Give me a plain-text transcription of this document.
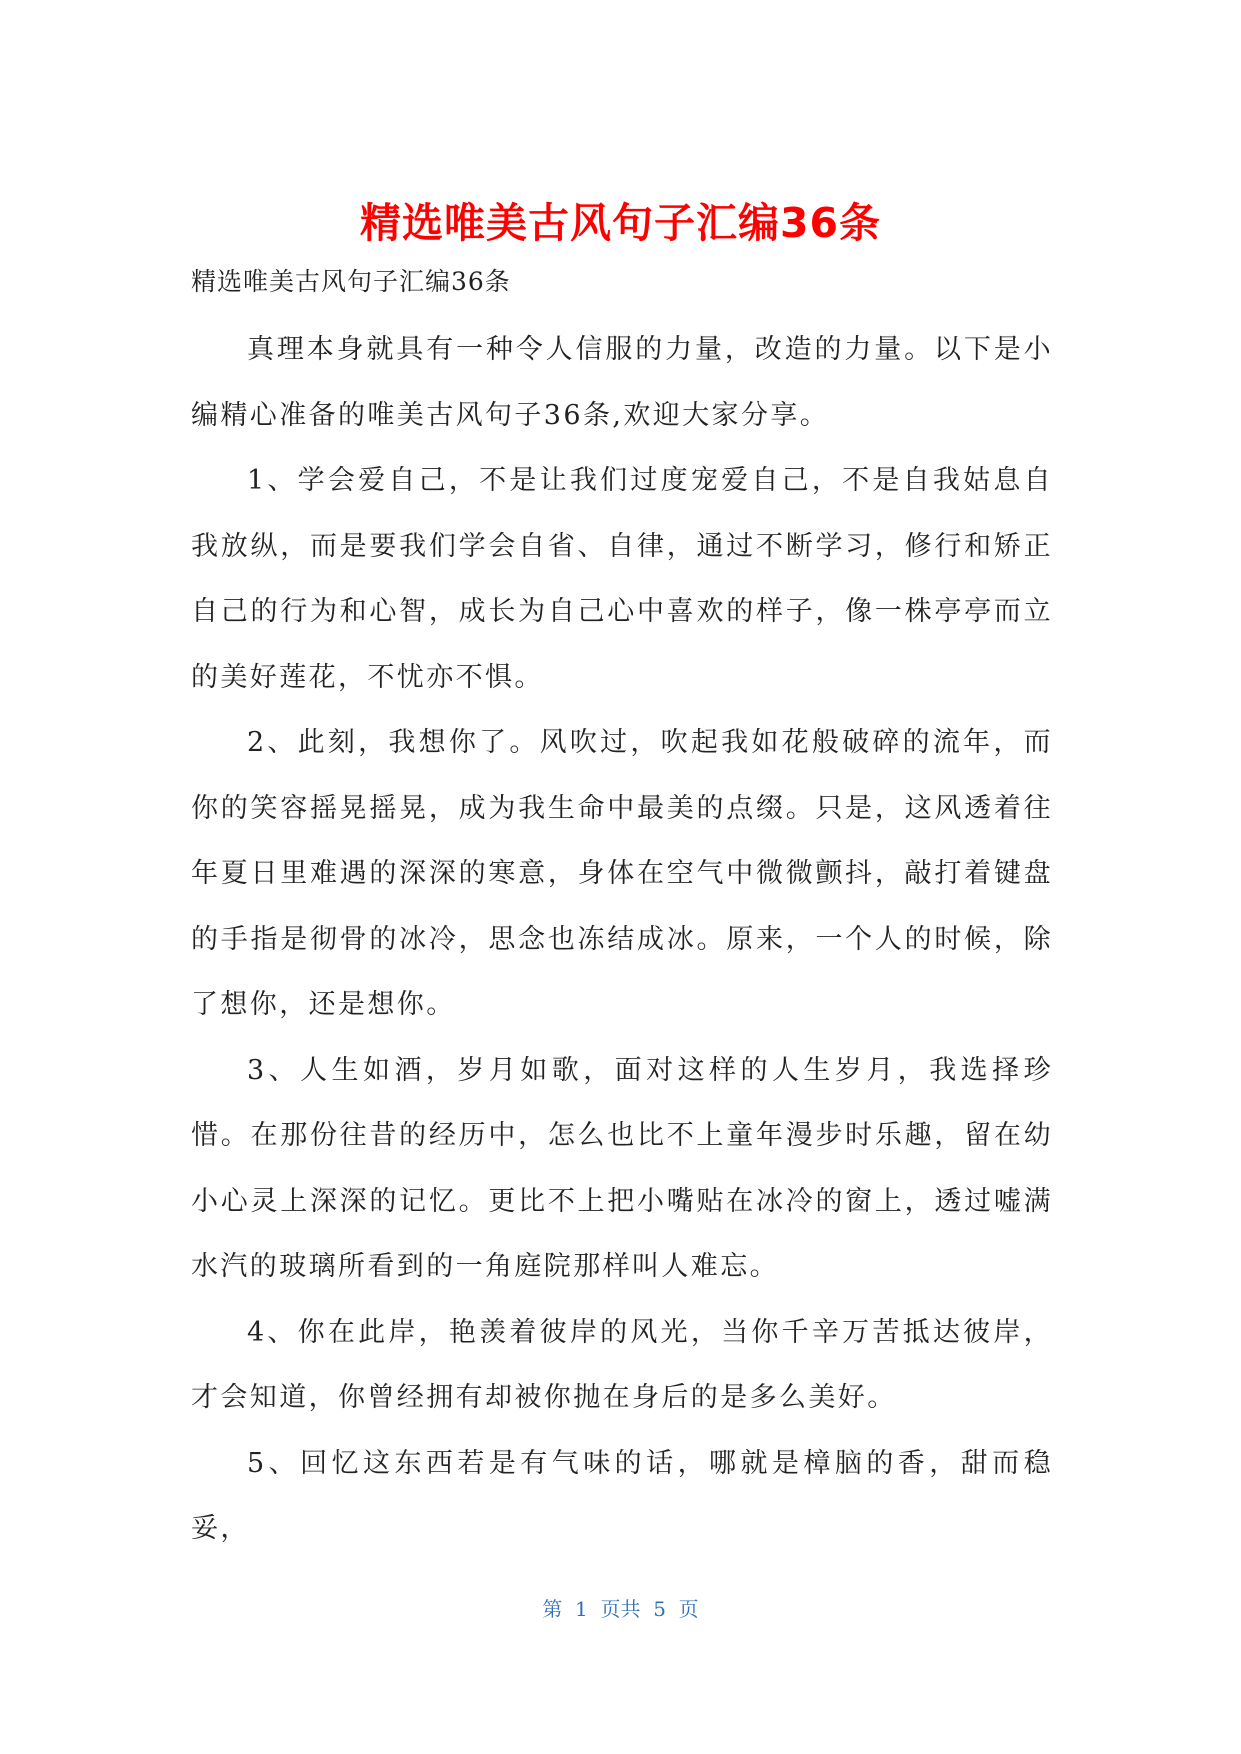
精选唯美古风句子汇编36条
精选唯美古风句子汇编36条

真理本身就具有一种令人信服的力量，改造的力量。以下是小编精心准备的唯美古风句子36条,欢迎大家分享。

1、学会爱自己，不是让我们过度宠爱自己，不是自我姑息自我放纵，而是要我们学会自省、自律，通过不断学习，修行和矫正自己的行为和心智，成长为自己心中喜欢的样子，像一株亭亭而立的美好莲花，不忧亦不惧。

2、此刻，我想你了。风吹过，吹起我如花般破碎的流年，而你的笑容摇晃摇晃，成为我生命中最美的点缀。只是，这风透着往年夏日里难遇的深深的寒意，身体在空气中微微颤抖，敲打着键盘的手指是彻骨的冰冷，思念也冻结成冰。原来，一个人的时候，除了想你，还是想你。

3、人生如酒，岁月如歌，面对这样的人生岁月，我选择珍惜。在那份往昔的经历中，怎么也比不上童年漫步时乐趣，留在幼小心灵上深深的记忆。更比不上把小嘴贴在冰冷的窗上，透过嘘满水汽的玻璃所看到的一角庭院那样叫人难忘。

4、你在此岸，艳羡着彼岸的风光，当你千辛万苦抵达彼岸，才会知道，你曾经拥有却被你抛在身后的是多么美好。

5、回忆这东西若是有气味的话，哪就是樟脑的香，甜而稳妥，

第  1  页共  5  页
